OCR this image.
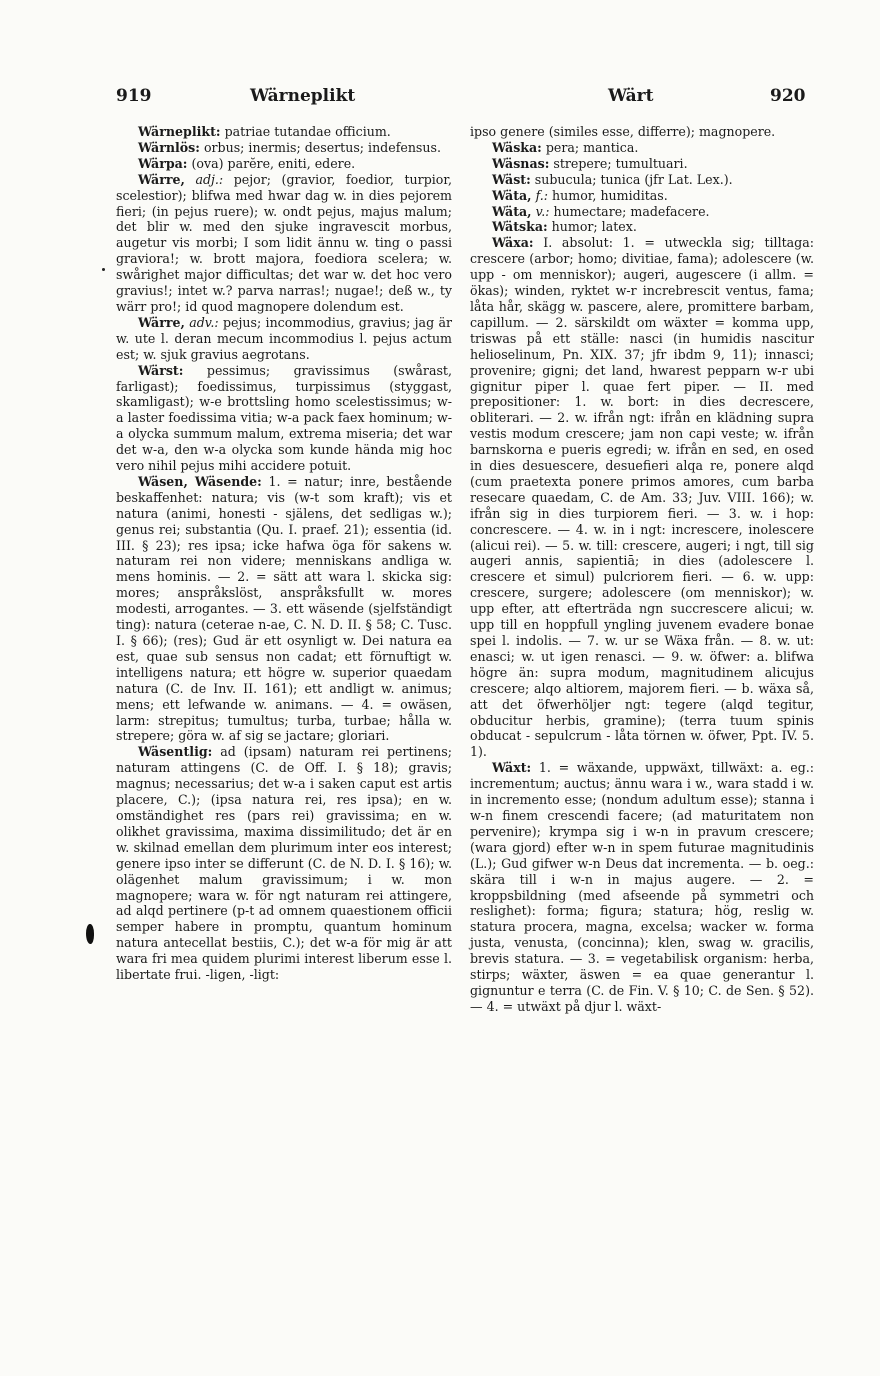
919	Wärneplikt	Wärt	920

Wärneplikt: patriae tutandae officium.

Wärnlös: orbus; inermis; desertus; indefensus.

Wärpa: (ova) parĕre, eniti, edere.

Wärre, adj.: pejor; (gravior, foedior, turpior, scelestior); blifwa med hwar dag w. in dies pejorem fieri; (in pejus ruere); w. ondt pejus, majus malum; det blir w. med den sjuke ingravescit morbus, augetur vis morbi; I som lidit ännu w. ting o passi graviora!; w. brott majora, foediora scelera; w. swårighet major difficultas; det war w. det hoc vero gravius!; intet w.? parva narras!; nugae!; deß w., ty wärr pro!; id quod magnopere dolendum est.

Wärre, adv.: pejus; incommodius, gravius; jag är w. ute l. deran mecum incommodius l. pejus actum est; w. sjuk gravius aegrotans.

Wärst: pessimus; gravissimus (swårast, farligast); foedissimus, turpissimus (styggast, skamligast); w-e brottsling homo scelestissimus; w-a laster foedissima vitia; w-a pack faex hominum; w-a olycka summum malum, extrema miseria; det war det w-a, den w-a olycka som kunde hända mig hoc vero nihil pejus mihi accidere potuit.

Wäsen, Wäsende: 1. = natur; inre, bestående beskaffenhet: natura; vis (w-t som kraft); vis et natura (animi, honesti - själens, det sedligas w.); genus rei; substantia (Qu. I. praef. 21); essentia (id. III. § 23); res ipsa; icke hafwa öga för sakens w. naturam rei non videre; menniskans andliga w. mens hominis. — 2. = sätt att wara l. skicka sig: mores; anspråkslöst, anspråksfullt w. mores modesti, arrogantes. — 3. ett wäsende (sjelfständigt ting): natura (ceterae n-ae, C. N. D. II. § 58; C. Tusc. I. § 66); (res); Gud är ett osynligt w. Dei natura ea est, quae sub sensus non cadat; ett förnuftigt w. intelligens natura; ett högre w. superior quaedam natura (C. de Inv. II. 161); ett andligt w. animus; mens; ett lefwande w. animans. — 4. = owäsen, larm: strepitus; tumultus; turba, turbae; hålla w. strepere; göra w. af sig se jactare; gloriari.

Wäsentlig: ad (ipsam) naturam rei pertinens; naturam attingens (C. de Off. I. § 18); gravis; magnus; necessarius; det w-a i saken caput est artis placere, C.); (ipsa natura rei, res ipsa); en w. omständighet res (pars rei) gravissima; en w. olikhet gravissima, maxima dissimilitudo; det är en w. skilnad emellan dem plurimum inter eos interest; genere ipso inter se differunt (C. de N. D. I. § 16); w. olägenhet malum gravissimum; i w. mon magnopere; wara w. för ngt naturam rei attingere, ad alqd pertinere (p-t ad omnem quaestionem officii semper habere in promptu, quantum hominum natura antecellat bestiis, C.); det w-a för mig är att wara fri mea quidem plurimi interest liberum esse l. libertate frui. -ligen, -ligt:

ipso genere (similes esse, differre); magnopere.

Wäska: pera; mantica.

Wäsnas: strepere; tumultuari.

Wäst: subucula; tunica (jfr Lat. Lex.).

Wäta, f.: humor, humiditas.

Wäta, v.: humectare; madefacere.

Wätska: humor; latex.

Wäxa: I. absolut: 1. = utweckla sig; tilltaga: crescere (arbor; homo; divitiae, fama); adolescere (w. upp - om menniskor); augeri, augescere (i allm. = ökas); winden, ryktet w-r increbrescit ventus, fama; låta hår, skägg w. pascere, alere, promittere barbam, capillum. — 2. särskildt om wäxter = komma upp, triswas på ett ställe: nasci (in humidis nascitur helioselinum, Pn. XIX. 37; jfr ibdm 9, 11); innasci; provenire; gigni; det land, hwarest pepparn w-r ubi gignitur piper l. quae fert piper. — II. med prepositioner: 1. w. bort: in dies decrescere, obliterari. — 2. w. ifrån ngt: ifrån en klädning supra vestis modum crescere; jam non capi veste; w. ifrån barnskorna e pueris egredi; w. ifrån en sed, en osed in dies desuescere, desuefieri alqa re, ponere alqd (cum praetexta ponere primos amores, cum barba resecare quaedam, C. de Am. 33; Juv. VIII. 166); w. ifrån sig in dies turpiorem fieri. — 3. w. i hop: concrescere. — 4. w. in i ngt: increscere, inolescere (alicui rei). — 5. w. till: crescere, augeri; i ngt, till sig augeri annis, sapientiā; in dies (adolescere l. crescere et simul) pulcriorem fieri. — 6. w. upp: crescere, surgere; adolescere (om menniskor); w. upp efter, att efterträda ngn succrescere alicui; w. upp till en hoppfull yngling juvenem evadere bonae spei l. indolis. — 7. w. ur se Wäxa från. — 8. w. ut: enasci; w. ut igen renasci. — 9. w. öfwer: a. blifwa högre än: supra modum, magnitudinem alicujus crescere; alqo altiorem, majorem fieri. — b. wäxa så, att det öfwerhöljer ngt: tegere (alqd tegitur, obducitur herbis, gramine); (terra tuum spinis obducat - sepulcrum - låta törnen w. öfwer, Ppt. IV. 5. 1).

Wäxt: 1. = wäxande, uppwäxt, tillwäxt: a. eg.: incrementum; auctus; ännu wara i w., wara stadd i w. in incremento esse; (nondum adultum esse); stanna i w-n finem crescendi facere; (ad maturitatem non pervenire); krympa sig i w-n in pravum crescere; (wara gjord) efter w-n in spem futurae magnitudinis (L.); Gud gifwer w-n Deus dat incrementa. — b. oeg.: skära till i w-n in majus augere. — 2. = kroppsbildning (med afseende på symmetri och reslighet): forma; figura; statura; hög, reslig w. statura procera, magna, excelsa; wacker w. forma justa, venusta, (concinna); klen, swag w. gracilis, brevis statura. — 3. = vegetabilisk organism: herba, stirps; wäxter, äswen = ea quae generantur l. gignuntur e terra (C. de Fin. V. § 10; C. de Sen. § 52). — 4. = utwäxt på djur l. wäxt-
